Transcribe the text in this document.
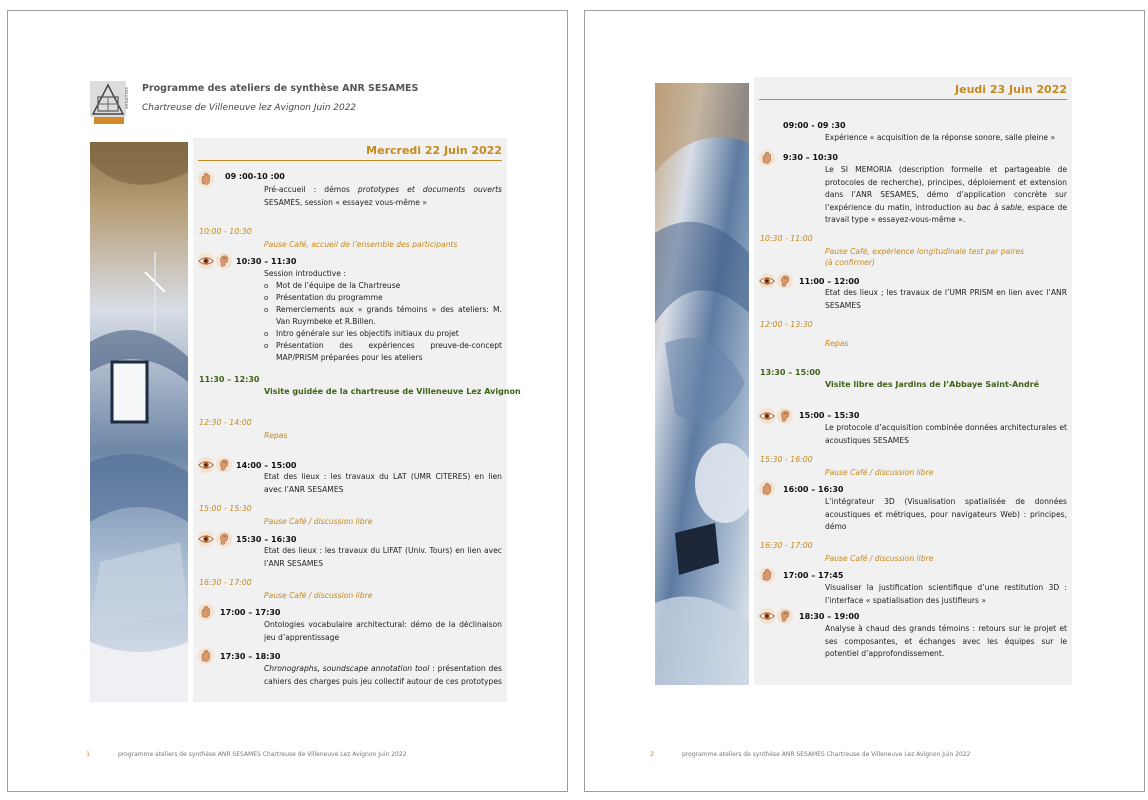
sesames Programme des ateliers de synthèse ANR SESAMES
Chartreuse de Villeneuve lez Avignon Juin 2022
Mercredi 22 Juin 2022
09 :00-10 :00
Pré-accueil : démos prototypes et documents ouverts SESAMES, session « essayez vous-même »
10:00 - 10:30
Pause Café, accueil de l’ensemble des participants
10:30 – 11:30
Session introductive :
o Mot de l’équipe de la Chartreuse
o Présentation du programme
o Remerciements aux « grands témoins » des ateliers: M. Van Ruymbeke et R.Billen.
o Intro générale sur les objectifs initiaux du projet
o Présentation des expériences preuve-de-concept MAP/PRISM préparées pour les ateliers
11:30 – 12:30
Visite guidée de la chartreuse de Villeneuve Lez Avignon
12:30 - 14:00
Repas
14:00 – 15:00
Etat des lieux : les travaux du LAT (UMR CITERES) en lien avec l’ANR SESAMES
15:00 - 15:30
Pause Café / discussion libre
15:30 – 16:30
Etat des lieux : les travaux du LIFAT (Univ. Tours) en lien avec l’ANR SESAMES
16:30 - 17:00
Pause Café / discussion libre
17:00 – 17:30
Ontologies vocabulaire architectural: démo de la déclinaison jeu d’apprentissage
17:30 – 18:30
Chronographs, soundscape annotation tool : présentation des cahiers des charges puis jeu collectif autour de ces prototypes
1	programme ateliers de synthèse ANR SESAMES Chartreuse de Villeneuve Lez Avignon Juin 2022
Jeudi 23 Juin 2022
09:00 - 09 :30
Expérience « acquisition de la réponse sonore, salle pleine »
9:30 – 10:30
Le SI MEMORIA (description formelle et partageable de protocoles de recherche), principes, déploiement et extension dans l’ANR SESAMES, démo d’application concrète sur l’expérience du matin, introduction au bac à sable, espace de travail type « essayez-vous-même ».
10:30 - 11:00
Pause Café, expérience longitudinale test par paires
(à confirmer)
11:00 – 12:00
Etat des lieux ; les travaux de l’UMR PRISM en lien avec l’ANR SESAMES
12:00 - 13:30
Repas
13:30 – 15:00
Visite libre des Jardins de l’Abbaye Saint-André
15:00 – 15:30
Le protocole d’acquisition combinée données architecturales et acoustiques SESAMES
15:30 - 16:00
Pause Café / discussion libre
16:00 – 16:30
L’intégrateur 3D (Visualisation spatialisée de données acoustiques et métriques, pour navigateurs Web) : principes, démo
16:30 - 17:00
Pause Café / discussion libre
17:00 – 17:45
Visualiser la justification scientifique d’une restitution 3D : l’interface « spatialisation des justifieurs »
18:30 – 19:00
Analyse à chaud des grands témoins : retours sur le projet et ses composantes, et échanges avec les équipes sur le potentiel d’approfondissement.
2	programme ateliers de synthèse ANR SESAMES Chartreuse de Villeneuve Lez Avignon Juin 2022
